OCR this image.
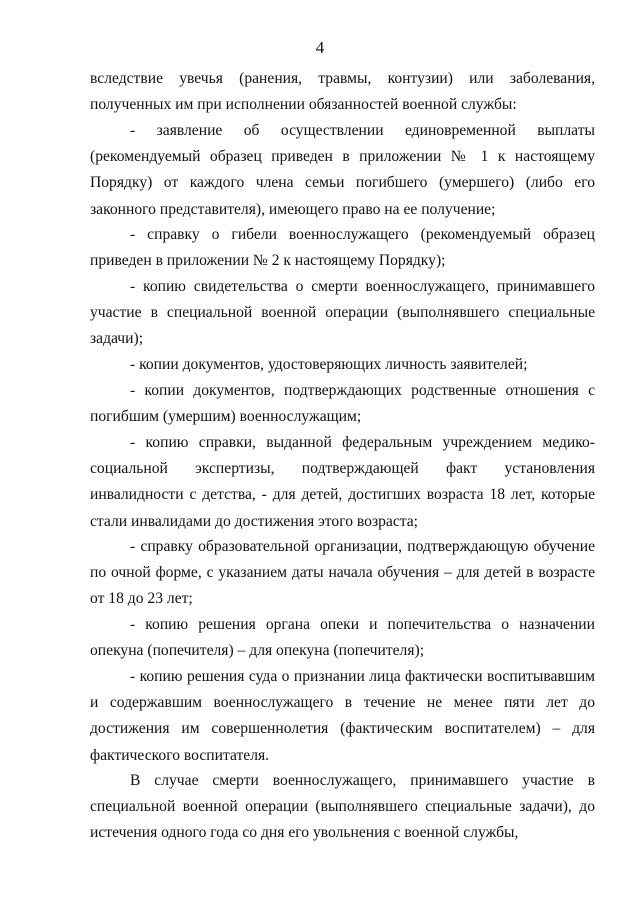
4

вследствие увечья (ранения, травмы, контузии) или заболевания, полученных им при исполнении обязанностей военной службы:

- заявление об осуществлении единовременной выплаты (рекомендуемый образец приведен в приложении № 1 к настоящему Порядку) от каждого члена семьи погибшего (умершего) (либо его законного представителя), имеющего право на ее получение;

- справку о гибели военнослужащего (рекомендуемый образец приведен в приложении № 2 к настоящему Порядку);

- копию свидетельства о смерти военнослужащего, принимавшего участие в специальной военной операции (выполнявшего специальные задачи);

- копии документов, удостоверяющих личность заявителей;

- копии документов, подтверждающих родственные отношения с погибшим (умершим) военнослужащим;

- копию справки, выданной федеральным учреждением медико-социальной экспертизы, подтверждающей факт установления инвалидности с детства, - для детей, достигших возраста 18 лет, которые стали инвалидами до достижения этого возраста;

- справку образовательной организации, подтверждающую обучение по очной форме, с указанием даты начала обучения – для детей в возрасте от 18 до 23 лет;

- копию решения органа опеки и попечительства о назначении опекуна (попечителя) – для опекуна (попечителя);

- копию решения суда о признании лица фактически воспитывавшим и содержавшим военнослужащего в течение не менее пяти лет до достижения им совершеннолетия (фактическим воспитателем) – для фактического воспитателя.

В случае смерти военнослужащего, принимавшего участие в специальной военной операции (выполнявшего специальные задачи), до истечения одного года со дня его увольнения с военной службы,
